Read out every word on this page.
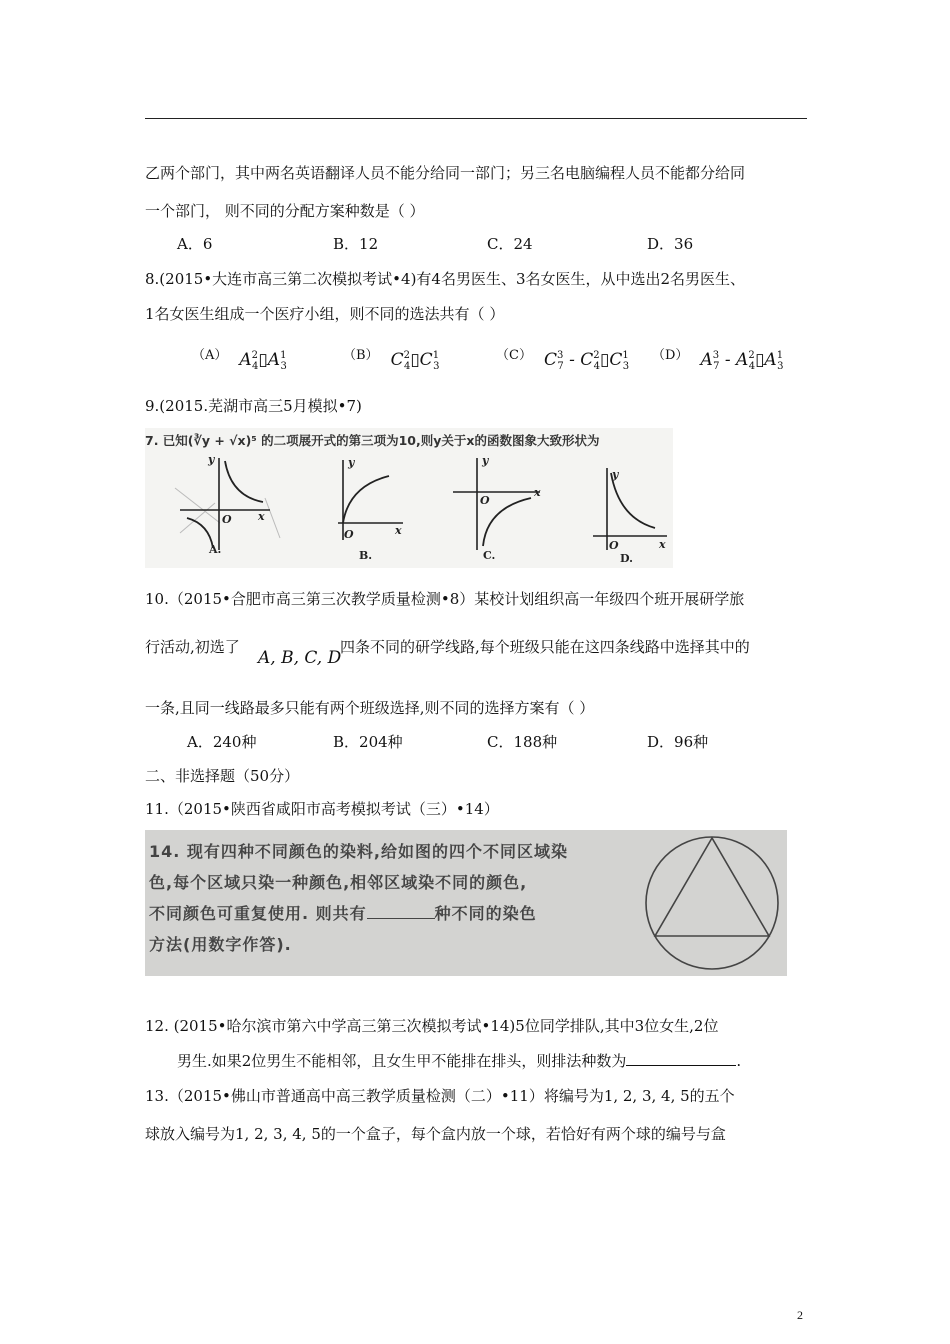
乙两个部门，其中两名英语翻译人员不能分给同一部门；另三名电脑编程人员不能都分给同
一个部门， 则不同的分配方案种数是（ ）
A．6	B．12	C．24	D．36
8.(2015•大连市高三第二次模拟考试•4)有4名男医生、3名女医生，从中选出2名男医生、
1名女医生组成一个医疗小组，则不同的选法共有（ ）
（A） $A^2_4▯A^1_3$
（B） $C^2_4▯C^1_3$
（C） $C^3_7$ - $C^2_4▯C^1_3$
（D） $A^3_7$ - $A^2_4▯A^1_3$
9.(2015.芜湖市高三5月模拟•7)
7. 已知(∛y + √x)⁵ 的二项展开式的第三项为10,则y关于x的函数图象大致形状为
y
O x
A.
y
O	x
B.
y
O
x
C.
y
O	x
D.
10.（2015•合肥市高三第三次教学质量检测•8）某校计划组织高一年级四个班开展研学旅
行活动,初选了
A, B, C, D
四条不同的研学线路,每个班级只能在这四条线路中选择其中的
一条,且同一线路最多只能有两个班级选择,则不同的选择方案有（ ）
A．240种	B．204种	C．188种	D．96种
二、非选择题（50分）
11.（2015•陕西省咸阳市高考模拟考试（三）•14）
14. 现有四种不同颜色的染料,给如图的四个不同区域染
色,每个区域只染一种颜色,相邻区域染不同的颜色,
不同颜色可重复使用. 则共有	种不同的染色
方法(用数字作答).
12. (2015•哈尔滨市第六中学高三第三次模拟考试•14)5位同学排队,其中3位女生,2位
男生.如果2位男生不能相邻，且女生甲不能排在排头，则排法种数为	.
13.（2015•佛山市普通高中高三教学质量检测（二）•11）将编号为1, 2, 3, 4, 5的五个
球放入编号为1, 2, 3, 4, 5的一个盒子，每个盒内放一个球，若恰好有两个球的编号与盒
2
